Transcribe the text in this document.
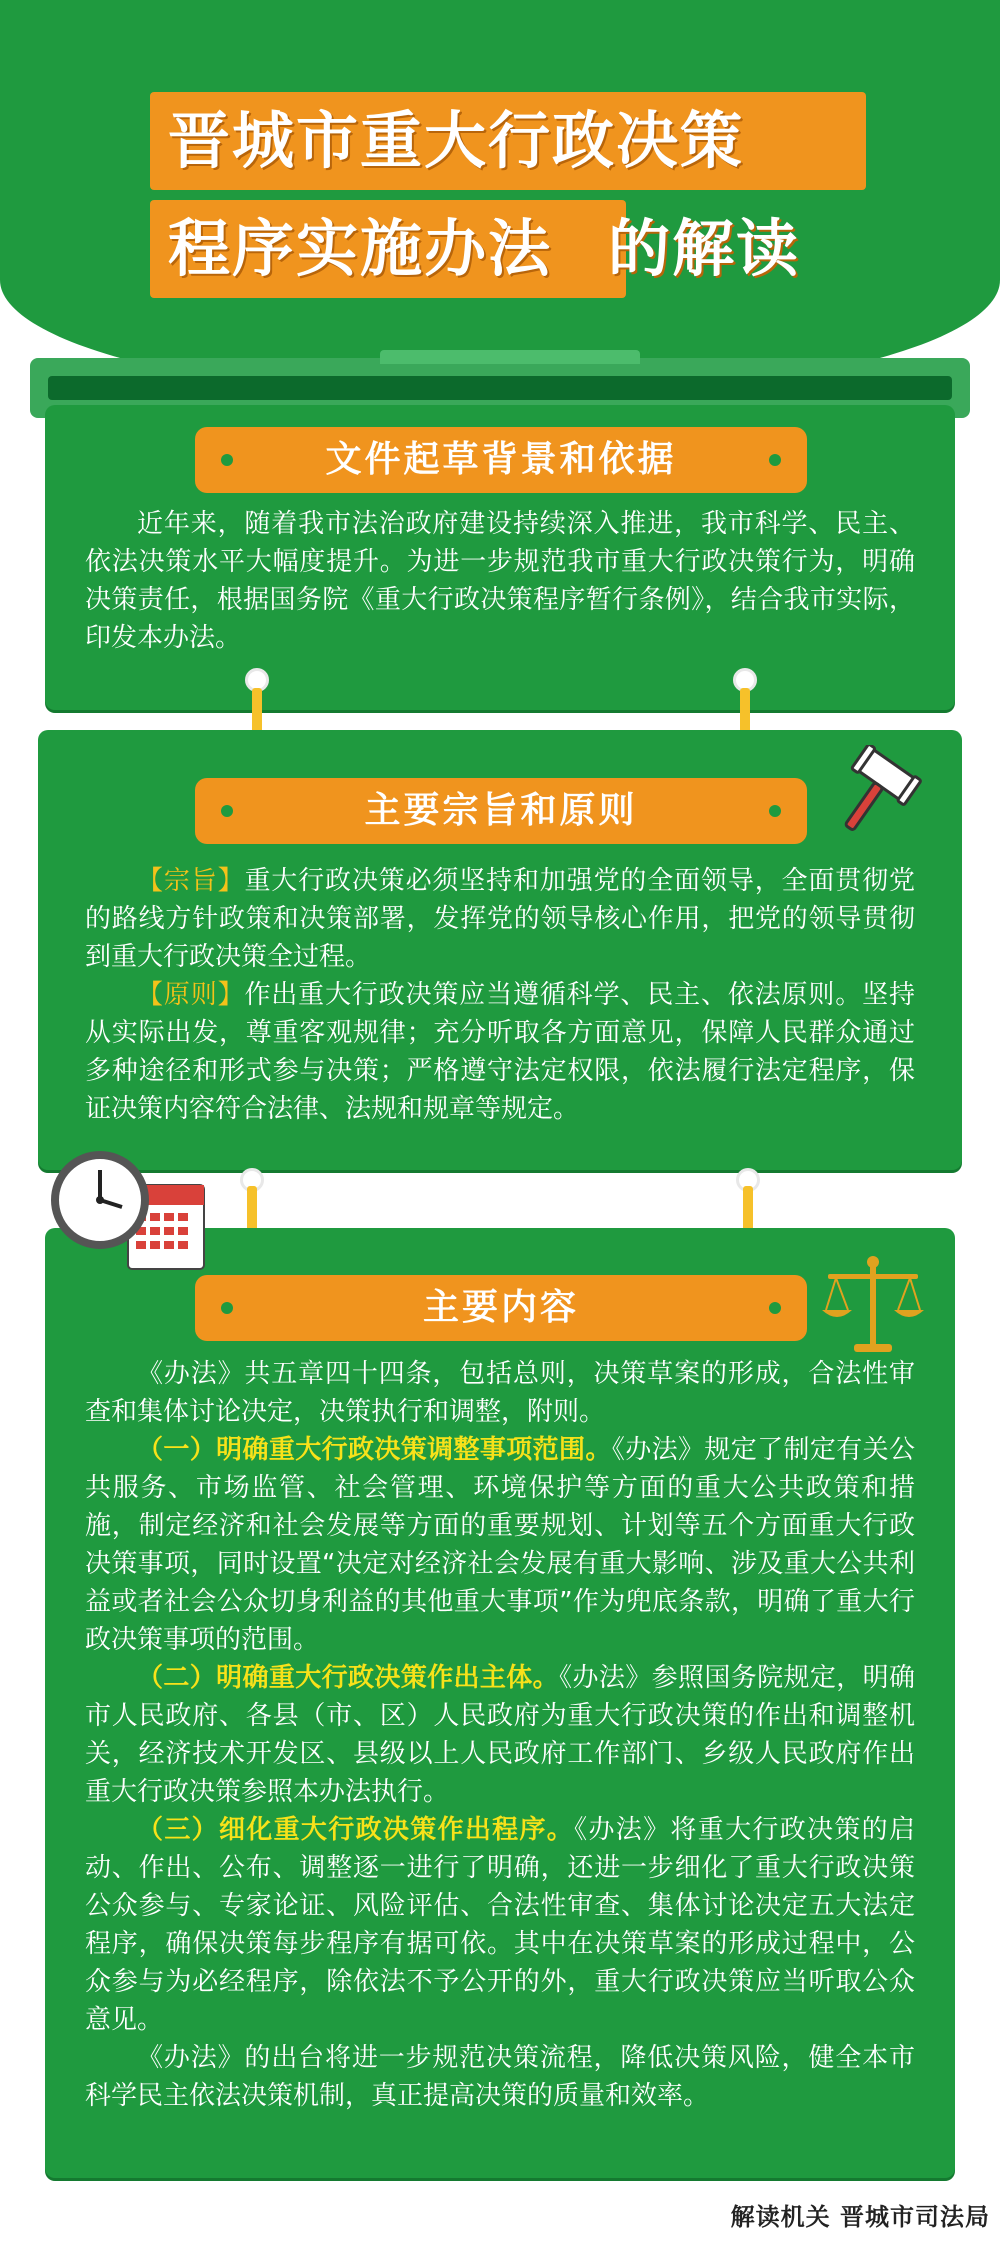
晋城市重大行政决策
程序实施办法 的解读
文件起草背景和依据

近年来，随着我市法治政府建设持续深入推进，我市科学、民主、依法决策水平大幅度提升。为进一步规范我市重大行政决策行为，明确决策责任，根据国务院《重大行政决策程序暂行条例》，结合我市实际，印发本办法。

主要宗旨和原则

【宗旨】重大行政决策必须坚持和加强党的全面领导，全面贯彻党的路线方针政策和决策部署，发挥党的领导核心作用，把党的领导贯彻到重大行政决策全过程。

【原则】作出重大行政决策应当遵循科学、民主、依法原则。坚持从实际出发，尊重客观规律；充分听取各方面意见，保障人民群众通过多种途径和形式参与决策；严格遵守法定权限，依法履行法定程序，保证决策内容符合法律、法规和规章等规定。

主要内容

《办法》共五章四十四条，包括总则，决策草案的形成，合法性审查和集体讨论决定，决策执行和调整，附则。

（一）明确重大行政决策调整事项范围。《办法》规定了制定有关公共服务、市场监管、社会管理、环境保护等方面的重大公共政策和措施，制定经济和社会发展等方面的重要规划、计划等五个方面重大行政决策事项，同时设置“决定对经济社会发展有重大影响、涉及重大公共利益或者社会公众切身利益的其他重大事项”作为兜底条款，明确了重大行政决策事项的范围。

（二）明确重大行政决策作出主体。《办法》参照国务院规定，明确市人民政府、各县（市、区）人民政府为重大行政决策的作出和调整机关，经济技术开发区、县级以上人民政府工作部门、乡级人民政府作出重大行政决策参照本办法执行。

（三）细化重大行政决策作出程序。《办法》将重大行政决策的启动、作出、公布、调整逐一进行了明确，还进一步细化了重大行政决策公众参与、专家论证、风险评估、合法性审查、集体讨论决定五大法定程序，确保决策每步程序有据可依。其中在决策草案的形成过程中，公众参与为必经程序，除依法不予公开的外，重大行政决策应当听取公众意见。

《办法》的出台将进一步规范决策流程，降低决策风险，健全本市科学民主依法决策机制，真正提高决策的质量和效率。

解读机关 晋城市司法局
